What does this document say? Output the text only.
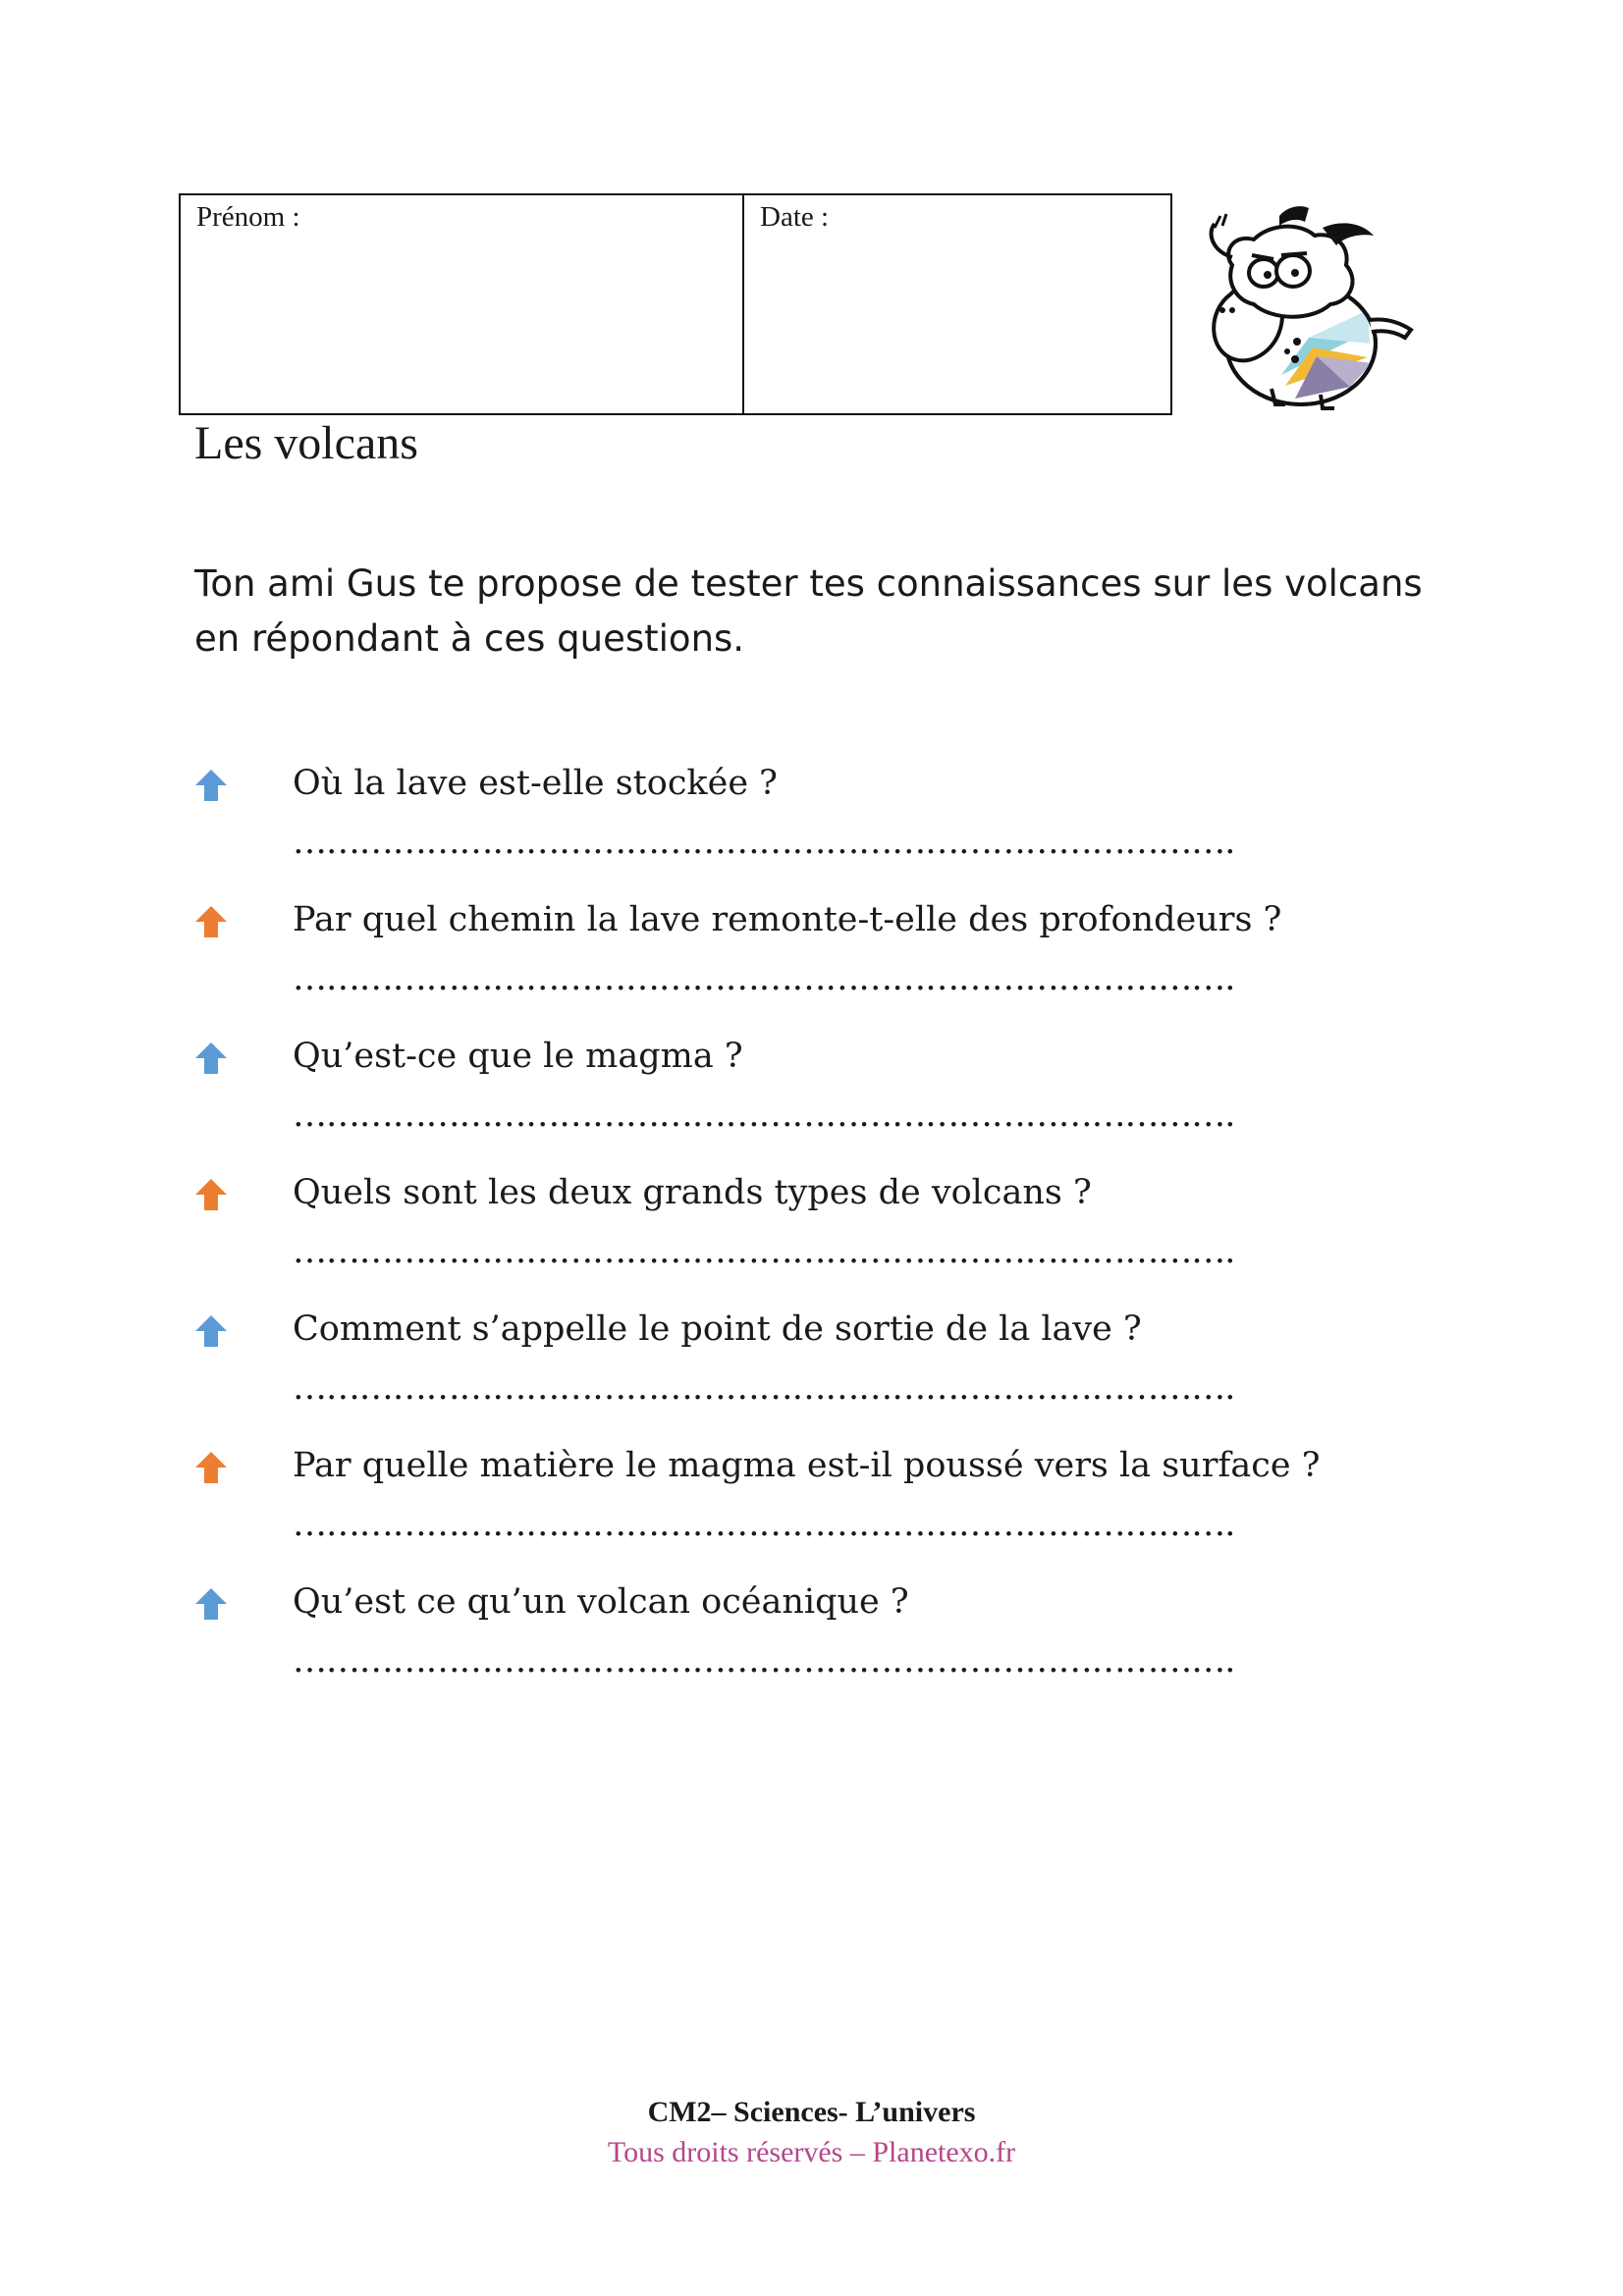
Prénom :	Date :
Les volcans

Ton ami Gus te propose de tester tes connaissances sur les volcans en répondant à ces questions.

Où la lave est-elle stockée ?
………………………………………………………………………….
Par quel chemin la lave remonte-t-elle des profondeurs ?
………………………………………………………………………….
Qu’est-ce que le magma ?
………………………………………………………………………….
Quels sont les deux grands types de volcans ?
………………………………………………………………………….
Comment s’appelle le point de sortie de la lave ?
………………………………………………………………………….
Par quelle matière le magma est-il poussé vers la surface ?
………………………………………………………………………….
Qu’est ce qu’un volcan océanique ?
………………………………………………………………………….
CM2– Sciences- L’univers
Tous droits réservés – Planetexo.fr
